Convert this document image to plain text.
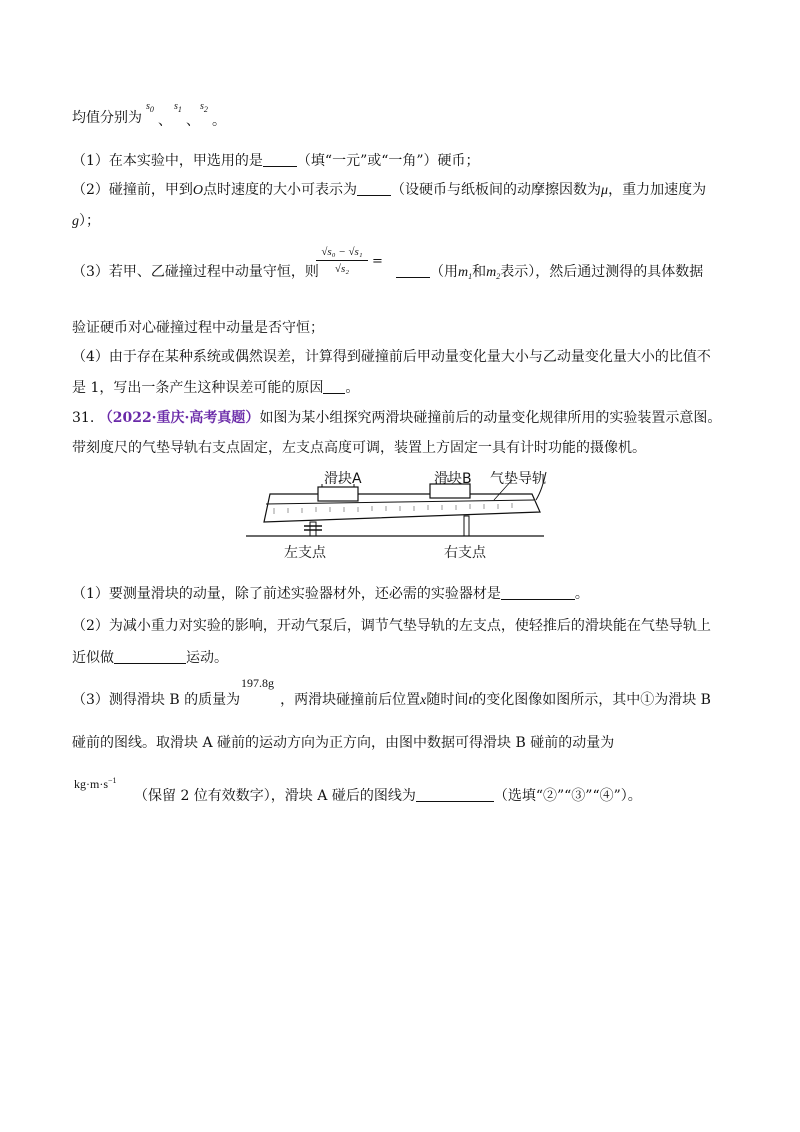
均值分别为
$s_0$
、
$s_1$
、
$s_2$
。
（1）在本实验中，甲选用的是 （填“一元”或“一角”）硬币；
（2）碰撞前，甲到O点时速度的大小可表示为 （设硬币与纸板间的动摩擦因数为μ，重力加速度为
g）；
（3）若甲、乙碰撞过程中动量守恒，则
√s₀ − √s₁
√s₂	=
（用$m_1$和$m_2$表示），然后通过测得的具体数据
验证硬币对心碰撞过程中动量是否守恒；
（4）由于存在某种系统或偶然误差，计算得到碰撞前后甲动量变化量大小与乙动量变化量大小的比值不
是 1，写出一条产生这种误差可能的原因 。
31. （2022·重庆·高考真题）如图为某小组探究两滑块碰撞前后的动量变化规律所用的实验装置示意图。
带刻度尺的气垫导轨右支点固定，左支点高度可调，装置上方固定一具有计时功能的摄像机。
滑块A	滑块B 气垫导轨
左支点	右支点
（1）要测量滑块的动量，除了前述实验器材外，还必需的实验器材是	。
（2）为减小重力对实验的影响，开动气泵后，调节气垫导轨的左支点，使轻推后的滑块能在气垫导轨上
近似做	运动。
197.8g
（3）测得滑块 B 的质量为	，两滑块碰撞前后位置x随时间t的变化图像如图所示，其中①为滑块 B
碰前的图线。取滑块 A 碰前的运动方向为正方向，由图中数据可得滑块 B 碰前的动量为
$kg\cdot m\cdot s^{-1}$
（保留 2 位有效数字），滑块 A 碰后的图线为	（选填“②”“③”“④”）。
